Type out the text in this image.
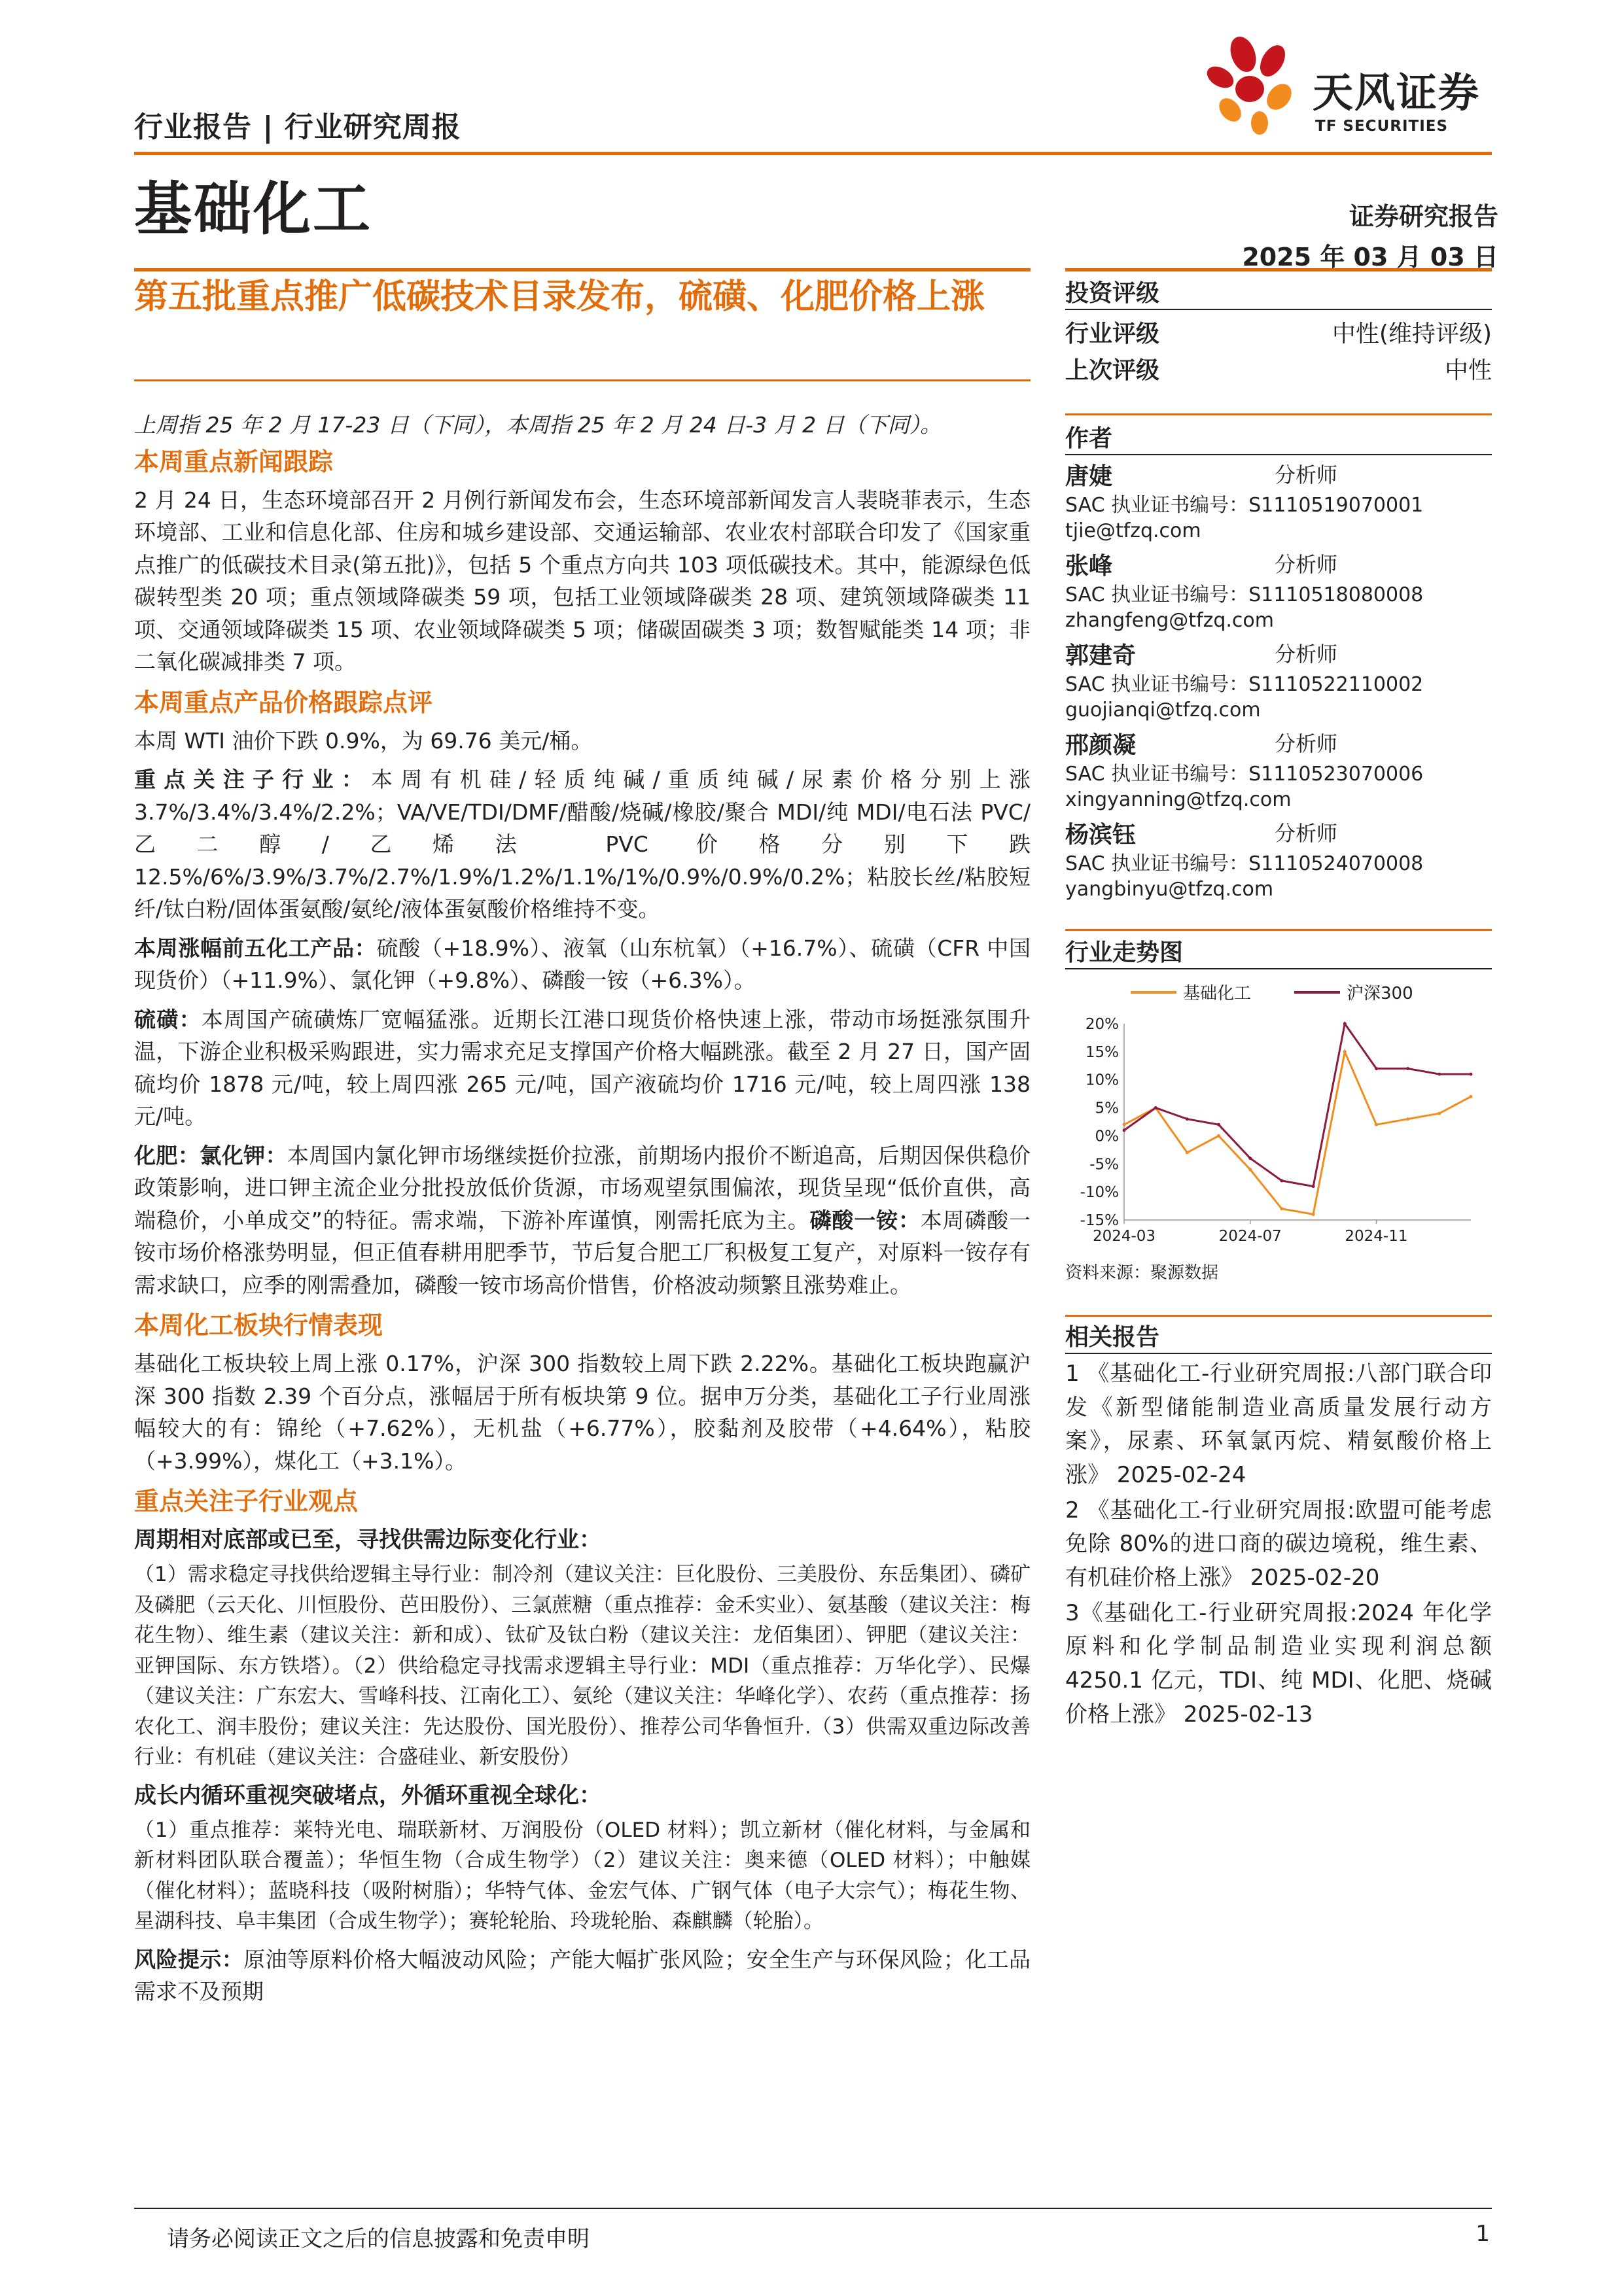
天风证券
TF SECURITIES
行业报告 | 行业研究周报
基础化工	证券研究报告
2025 年 03 月 03 日
第五批重点推广低碳技术目录发布，硫磺、化肥价格上涨	投资评级
行业评级	中性(维持评级)
上次评级	中性
作者
唐婕	分析师
SAC 执业证书编号：S1110519070001
tjie@tfzq.com
张峰	分析师
SAC 执业证书编号：S1110518080008
zhangfeng@tfzq.com
郭建奇	分析师
SAC 执业证书编号：S1110522110002
guojianqi@tfzq.com
邢颜凝	分析师
SAC 执业证书编号：S1110523070006
xingyanning@tfzq.com
杨滨钰	分析师
SAC 执业证书编号：S1110524070008
yangbinyu@tfzq.com
行业走势图
基础化工	沪深300
20%
15%
10%
5%
0%
-5%
-10%
-15%
2024-03	2024-07	2024-11
资料来源：聚源数据
相关报告

1 《基础化工-行业研究周报:八部门联合印发《新型储能制造业高质量发展行动方案》，尿素、环氧氯丙烷、精氨酸价格上涨》 2025-02-24

2 《基础化工-行业研究周报:欧盟可能考虑免除 80%的进口商的碳边境税，维生素、有机硅价格上涨》 2025-02-20

3《基础化工-行业研究周报:2024 年化学原料和化学制品制造业实现利润总额 4250.1 亿元，TDI、纯 MDI、化肥、烧碱价格上涨》 2025-02-13

上周指 25 年 2 月 17-23 日（下同），本周指 25 年 2 月 24 日-3 月 2 日（下同）。

本周重点新闻跟踪

2 月 24 日，生态环境部召开 2 月例行新闻发布会，生态环境部新闻发言人裴晓菲表示，生态环境部、工业和信息化部、住房和城乡建设部、交通运输部、农业农村部联合印发了《国家重点推广的低碳技术目录(第五批)》，包括 5 个重点方向共 103 项低碳技术。其中，能源绿色低碳转型类 20 项；重点领域降碳类 59 项，包括工业领域降碳类 28 项、建筑领域降碳类 11 项、交通领域降碳类 15 项、农业领域降碳类 5 项；储碳固碳类 3 项；数智赋能类 14 项；非二氧化碳减排类 7 项。

本周重点产品价格跟踪点评

本周 WTI 油价下跌 0.9%，为 69.76 美元/桶。

重点关注子行业：本周有机硅/轻质纯碱/重质纯碱/尿素价格分别上涨 3.7%/3.4%/3.4%/2.2%；VA/VE/TDI/DMF/醋酸/烧碱/橡胶/聚合 MDI/纯 MDI/电石法 PVC/乙二醇/乙烯法 PVC 价格分别下跌 12.5%/6%/3.9%/3.7%/2.7%/1.9%/1.2%/1.1%/1%/0.9%/0.9%/0.2%；粘胶长丝/粘胶短纤/钛白粉/固体蛋氨酸/氨纶/液体蛋氨酸价格维持不变。

本周涨幅前五化工产品：硫酸（+18.9%）、液氧（山东杭氧）（+16.7%）、硫磺（CFR 中国现货价）（+11.9%）、氯化钾（+9.8%）、磷酸一铵（+6.3%）。

硫磺：本周国产硫磺炼厂宽幅猛涨。近期长江港口现货价格快速上涨，带动市场挺涨氛围升温，下游企业积极采购跟进，实力需求充足支撑国产价格大幅跳涨。截至 2 月 27 日，国产固硫均价 1878 元/吨，较上周四涨 265 元/吨，国产液硫均价 1716 元/吨，较上周四涨 138 元/吨。

化肥：氯化钾：本周国内氯化钾市场继续挺价拉涨，前期场内报价不断追高，后期因保供稳价政策影响，进口钾主流企业分批投放低价货源，市场观望氛围偏浓，现货呈现“低价直供，高端稳价，小单成交”的特征。需求端，下游补库谨慎，刚需托底为主。磷酸一铵：本周磷酸一铵市场价格涨势明显，但正值春耕用肥季节，节后复合肥工厂积极复工复产，对原料一铵存有需求缺口，应季的刚需叠加，磷酸一铵市场高价惜售，价格波动频繁且涨势难止。

本周化工板块行情表现

基础化工板块较上周上涨 0.17%，沪深 300 指数较上周下跌 2.22%。基础化工板块跑赢沪深 300 指数 2.39 个百分点，涨幅居于所有板块第 9 位。据申万分类，基础化工子行业周涨幅较大的有：锦纶（+7.62%），无机盐（+6.77%），胶黏剂及胶带（+4.64%），粘胶（+3.99%），煤化工（+3.1%）。

重点关注子行业观点
周期相对底部或已至，寻找供需边际变化行业：

（1）需求稳定寻找供给逻辑主导行业：制冷剂（建议关注：巨化股份、三美股份、东岳集团）、磷矿及磷肥（云天化、川恒股份、芭田股份）、三氯蔗糖（重点推荐：金禾实业）、氨基酸（建议关注：梅花生物）、维生素（建议关注：新和成）、钛矿及钛白粉（建议关注：龙佰集团）、钾肥（建议关注：亚钾国际、东方铁塔）。（2）供给稳定寻找需求逻辑主导行业：MDI（重点推荐：万华化学）、民爆（建议关注：广东宏大、雪峰科技、江南化工）、氨纶（建议关注：华峰化学）、农药（重点推荐：扬农化工、润丰股份；建议关注：先达股份、国光股份）、推荐公司华鲁恒升.（3）供需双重边际改善行业：有机硅（建议关注：合盛硅业、新安股份）

成长内循环重视突破堵点，外循环重视全球化：

（1）重点推荐：莱特光电、瑞联新材、万润股份（OLED 材料）；凯立新材（催化材料，与金属和新材料团队联合覆盖）；华恒生物（合成生物学）（2）建议关注：奥来德（OLED 材料）；中触媒（催化材料）；蓝晓科技（吸附树脂）；华特气体、金宏气体、广钢气体（电子大宗气）；梅花生物、星湖科技、阜丰集团（合成生物学）；赛轮轮胎、玲珑轮胎、森麒麟（轮胎）。

风险提示：原油等原料价格大幅波动风险；产能大幅扩张风险；安全生产与环保风险；化工品需求不及预期

请务必阅读正文之后的信息披露和免责申明	1
